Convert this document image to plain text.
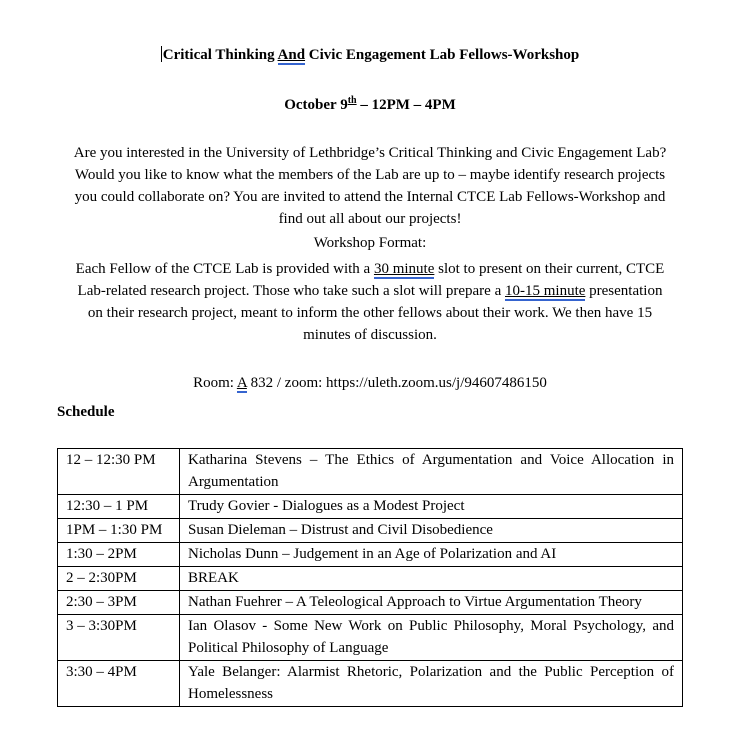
Critical Thinking And Civic Engagement Lab Fellows-Workshop

October 9th – 12PM – 4PM

Are you interested in the University of Lethbridge’s Critical Thinking and Civic Engagement Lab? Would you like to know what the members of the Lab are up to – maybe identify research projects you could collaborate on? You are invited to attend the Internal CTCE Lab Fellows-Workshop and find out all about our projects!

Workshop Format:

Each Fellow of the CTCE Lab is provided with a 30 minute slot to present on their current, CTCE Lab-related research project. Those who take such a slot will prepare a 10-15 minute presentation on their research project, meant to inform the other fellows about their work. We then have 15 minutes of discussion.

Room: A 832 / zoom: https://uleth.zoom.us/j/94607486150

Schedule
12 – 12:30 PM	Katharina Stevens – The Ethics of Argumentation and Voice Allocation in Argumentation
12:30 – 1 PM	Trudy Govier - Dialogues as a Modest Project
1PM – 1:30 PM	Susan Dieleman – Distrust and Civil Disobedience
1:30 – 2PM	Nicholas Dunn – Judgement in an Age of Polarization and AI
2 – 2:30PM	BREAK
2:30 – 3PM	Nathan Fuehrer – A Teleological Approach to Virtue Argumentation Theory
3 – 3:30PM	Ian Olasov - Some New Work on Public Philosophy, Moral Psychology, and Political Philosophy of Language
3:30 – 4PM	Yale Belanger: Alarmist Rhetoric, Polarization and the Public Perception of Homelessness
